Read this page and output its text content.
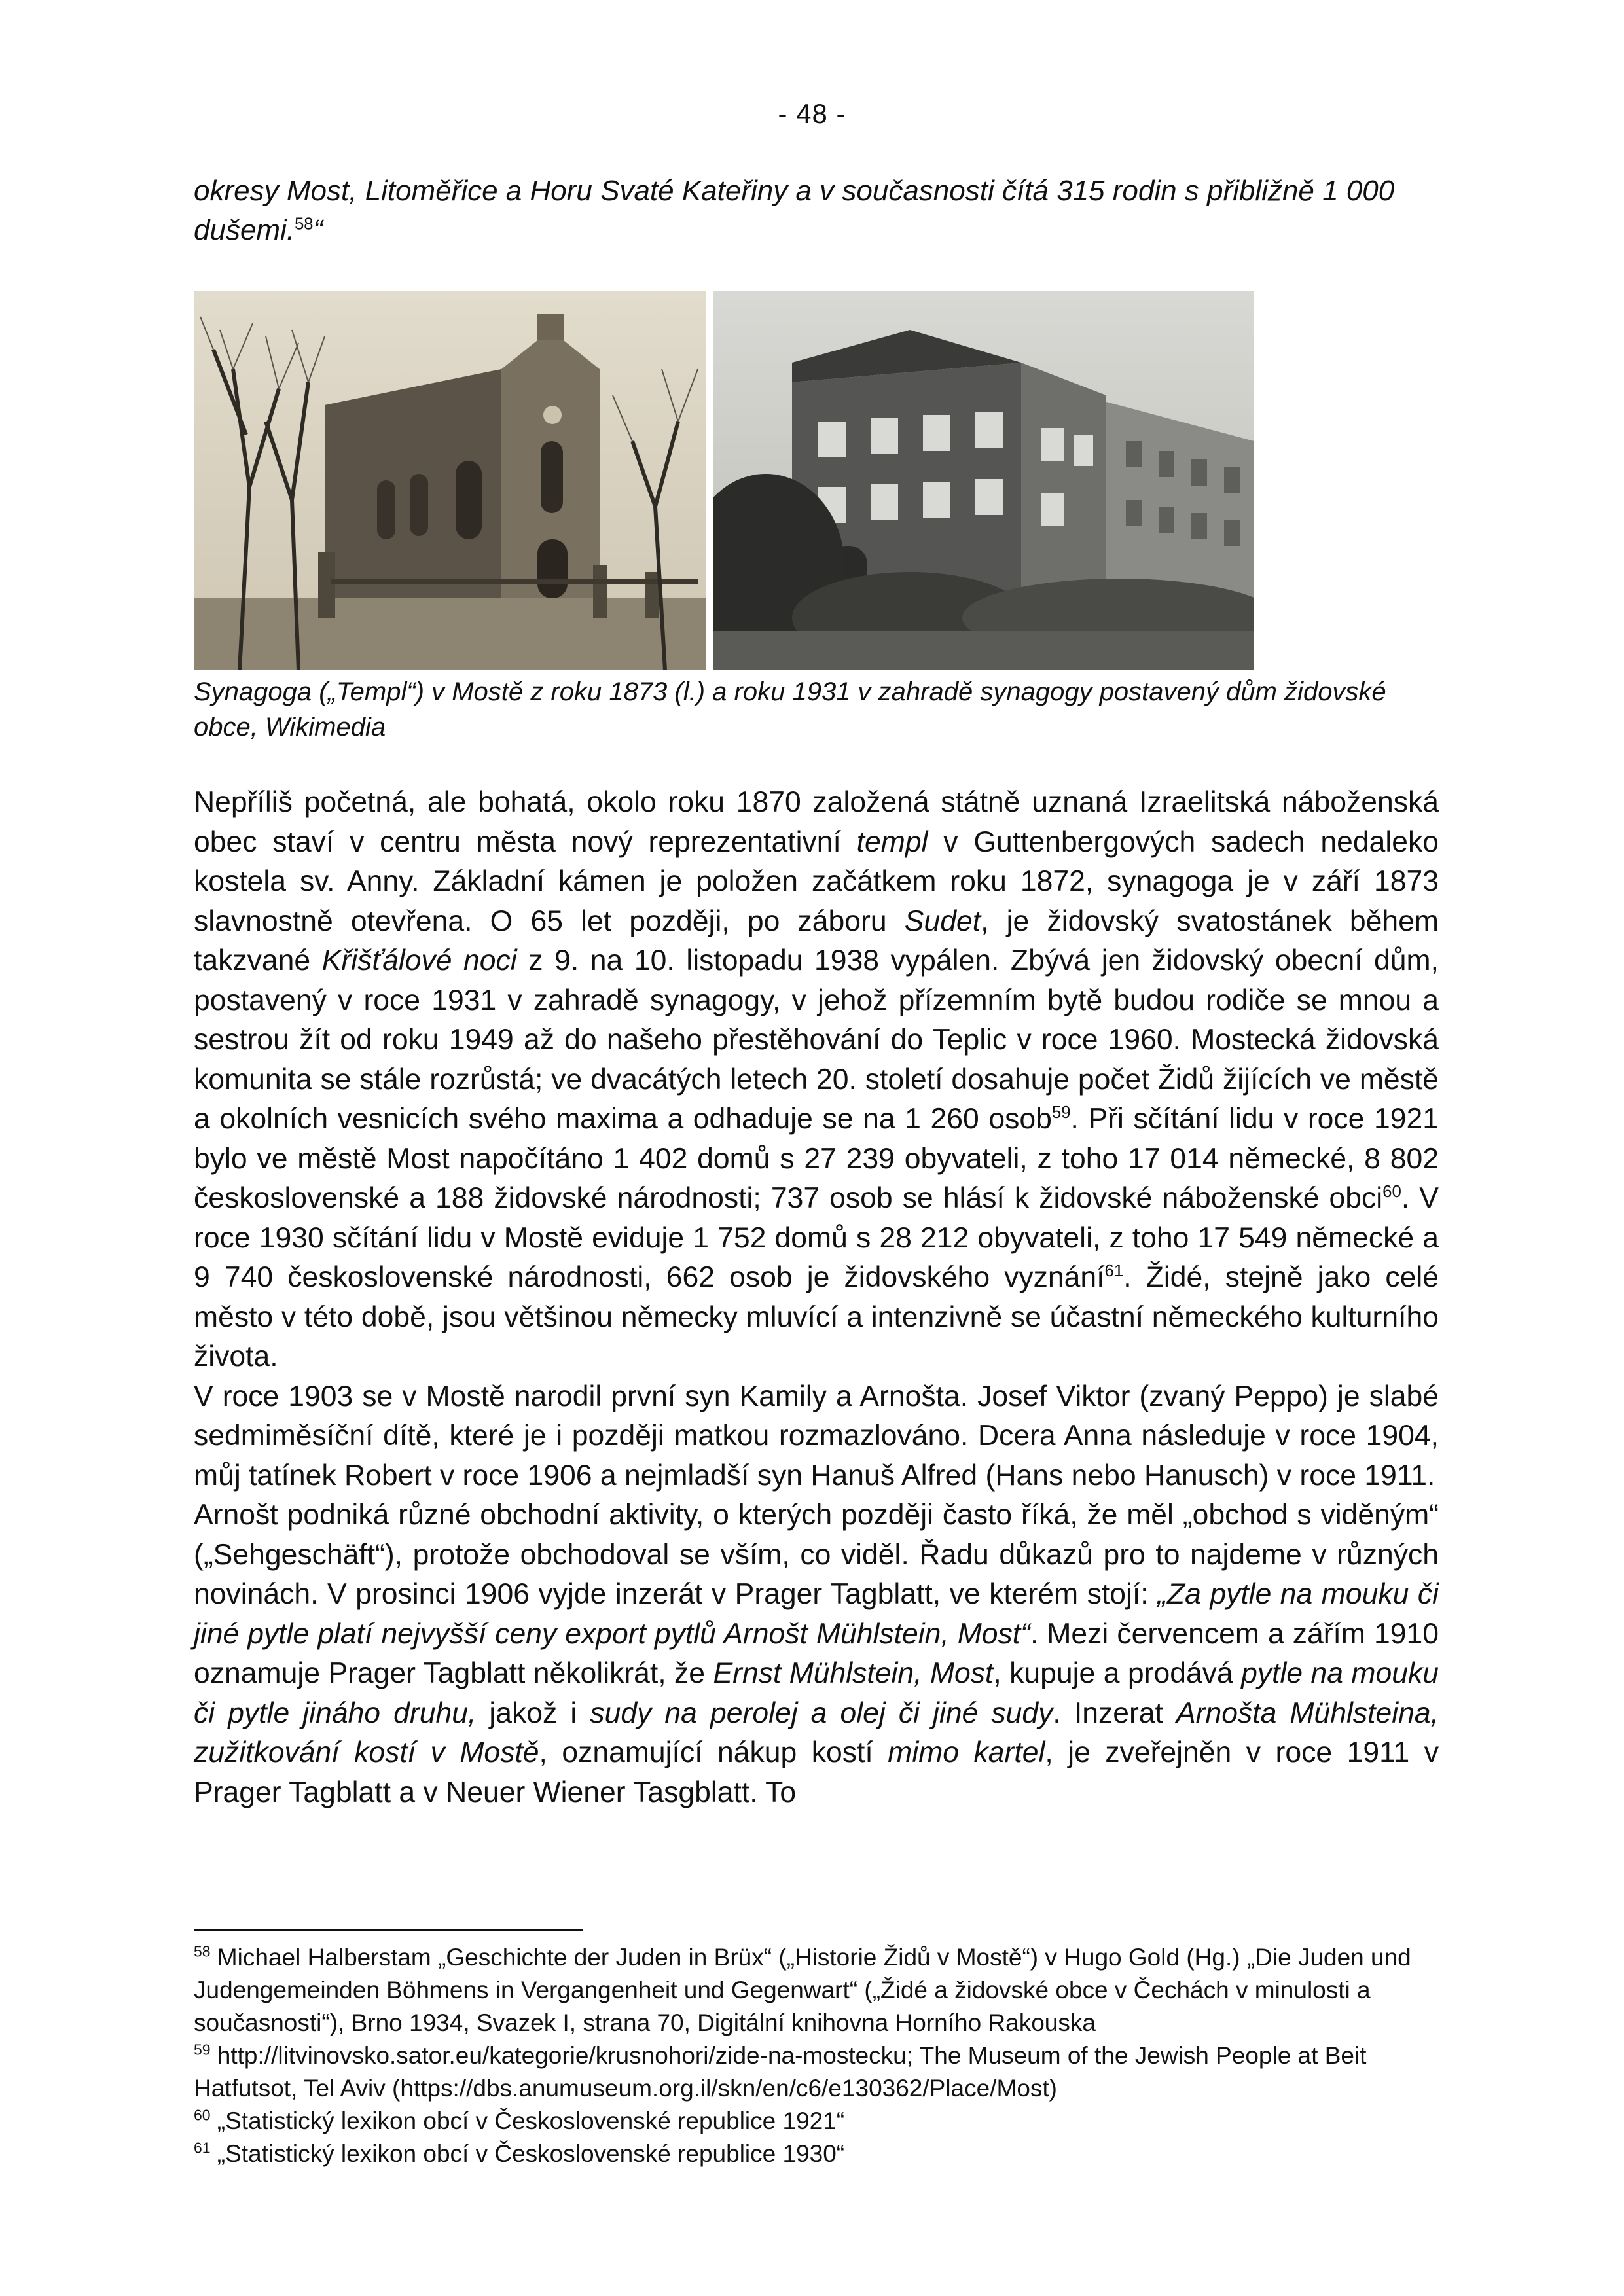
- 48 -
okresy Most, Litoměřice a Horu Svaté Kateřiny a v současnosti čítá 315 rodin s přibližně 1 000 dušemi.$^{58}$“
Synagoga („Templ“) v Mostě z roku 1873 (l.) a roku 1931 v zahradě synagogy postavený dům židovské obce, Wikimedia

Nepříliš početná, ale bohatá, okolo roku 1870 založená státně uznaná Izraelitská náboženská obec staví v centru města nový reprezentativní templ v Guttenbergových sadech nedaleko kostela sv. Anny. Základní kámen je položen začátkem roku 1872, synagoga je v září 1873 slavnostně otevřena. O 65 let později, po záboru Sudet, je židovský svatostánek během takzvané Křišťálové noci z 9. na 10. listopadu 1938 vypálen. Zbývá jen židovský obecní dům, postavený v roce 1931 v zahradě synagogy, v jehož přízemním bytě budou rodiče se mnou a sestrou žít od roku 1949 až do našeho přestěhování do Teplic v roce 1960. Mostecká židovská komunita se stále rozrůstá; ve dvacátých letech 20. století dosahuje počet Židů žijících ve městě a okolních vesnicích svého maxima a odhaduje se na 1 260 osob$^{59}$. Při sčítání lidu v roce 1921 bylo ve městě Most napočítáno 1 402 domů s 27 239 obyvateli, z toho 17 014 německé, 8 802 československé a 188 židovské národnosti; 737 osob se hlásí k židovské náboženské obci$^{60}$. V roce 1930 sčítání lidu v Mostě eviduje 1 752 domů s 28 212 obyvateli, z toho 17 549 německé a 9 740 československé národnosti, 662 osob je židovského vyznání$^{61}$. Židé, stejně jako celé město v této době, jsou většinou německy mluvící a intenzivně se účastní německého kulturního života.

V roce 1903 se v Mostě narodil první syn Kamily a Arnošta. Josef Viktor (zvaný Peppo) je slabé sedmiměsíční dítě, které je i později matkou rozmazlováno. Dcera Anna následuje v roce 1904, můj tatínek Robert v roce 1906 a nejmladší syn Hanuš Alfred (Hans nebo Hanusch) v roce 1911.

Arnošt podniká různé obchodní aktivity, o kterých později často říká, že měl „obchod s viděným“ („Sehgeschäft“), protože obchodoval se vším, co viděl. Řadu důkazů pro to najdeme v různých novinách. V prosinci 1906 vyjde inzerát v Prager Tagblatt, ve kterém stojí: „Za pytle na mouku či jiné pytle platí nejvyšší ceny export pytlů Arnošt Mühlstein, Most“. Mezi červencem a zářím 1910 oznamuje Prager Tagblatt několikrát, že Ernst Mühlstein, Most, kupuje a prodává pytle na mouku či pytle jináho druhu, jakož i sudy na perolej a olej či jiné sudy. Inzerat Arnošta Mühlsteina, zužitkování kostí v Mostě, oznamující nákup kostí mimo kartel, je zveřejněn v roce 1911 v Prager Tagblatt a v Neuer Wiener Tasgblatt. To

$^{58}$ Michael Halberstam „Geschichte der Juden in Brüx“ („Historie Židů v Mostě“) v Hugo Gold (Hg.) „Die Juden und Judengemeinden Böhmens in Vergangenheit und Gegenwart“ („Židé a židovské obce v Čechách v minulosti a současnosti“), Brno 1934, Svazek I, strana 70, Digitální knihovna Horního Rakouska

$^{59}$ http://litvinovsko.sator.eu/kategorie/krusnohori/zide-na-mostecku; The Museum of the Jewish People at Beit Hatfutsot, Tel Aviv (https://dbs.anumuseum.org.il/skn/en/c6/e130362/Place/Most)

$^{60}$ „Statistický lexikon obcí v Československé republice 1921“

$^{61}$ „Statistický lexikon obcí v Československé republice 1930“
